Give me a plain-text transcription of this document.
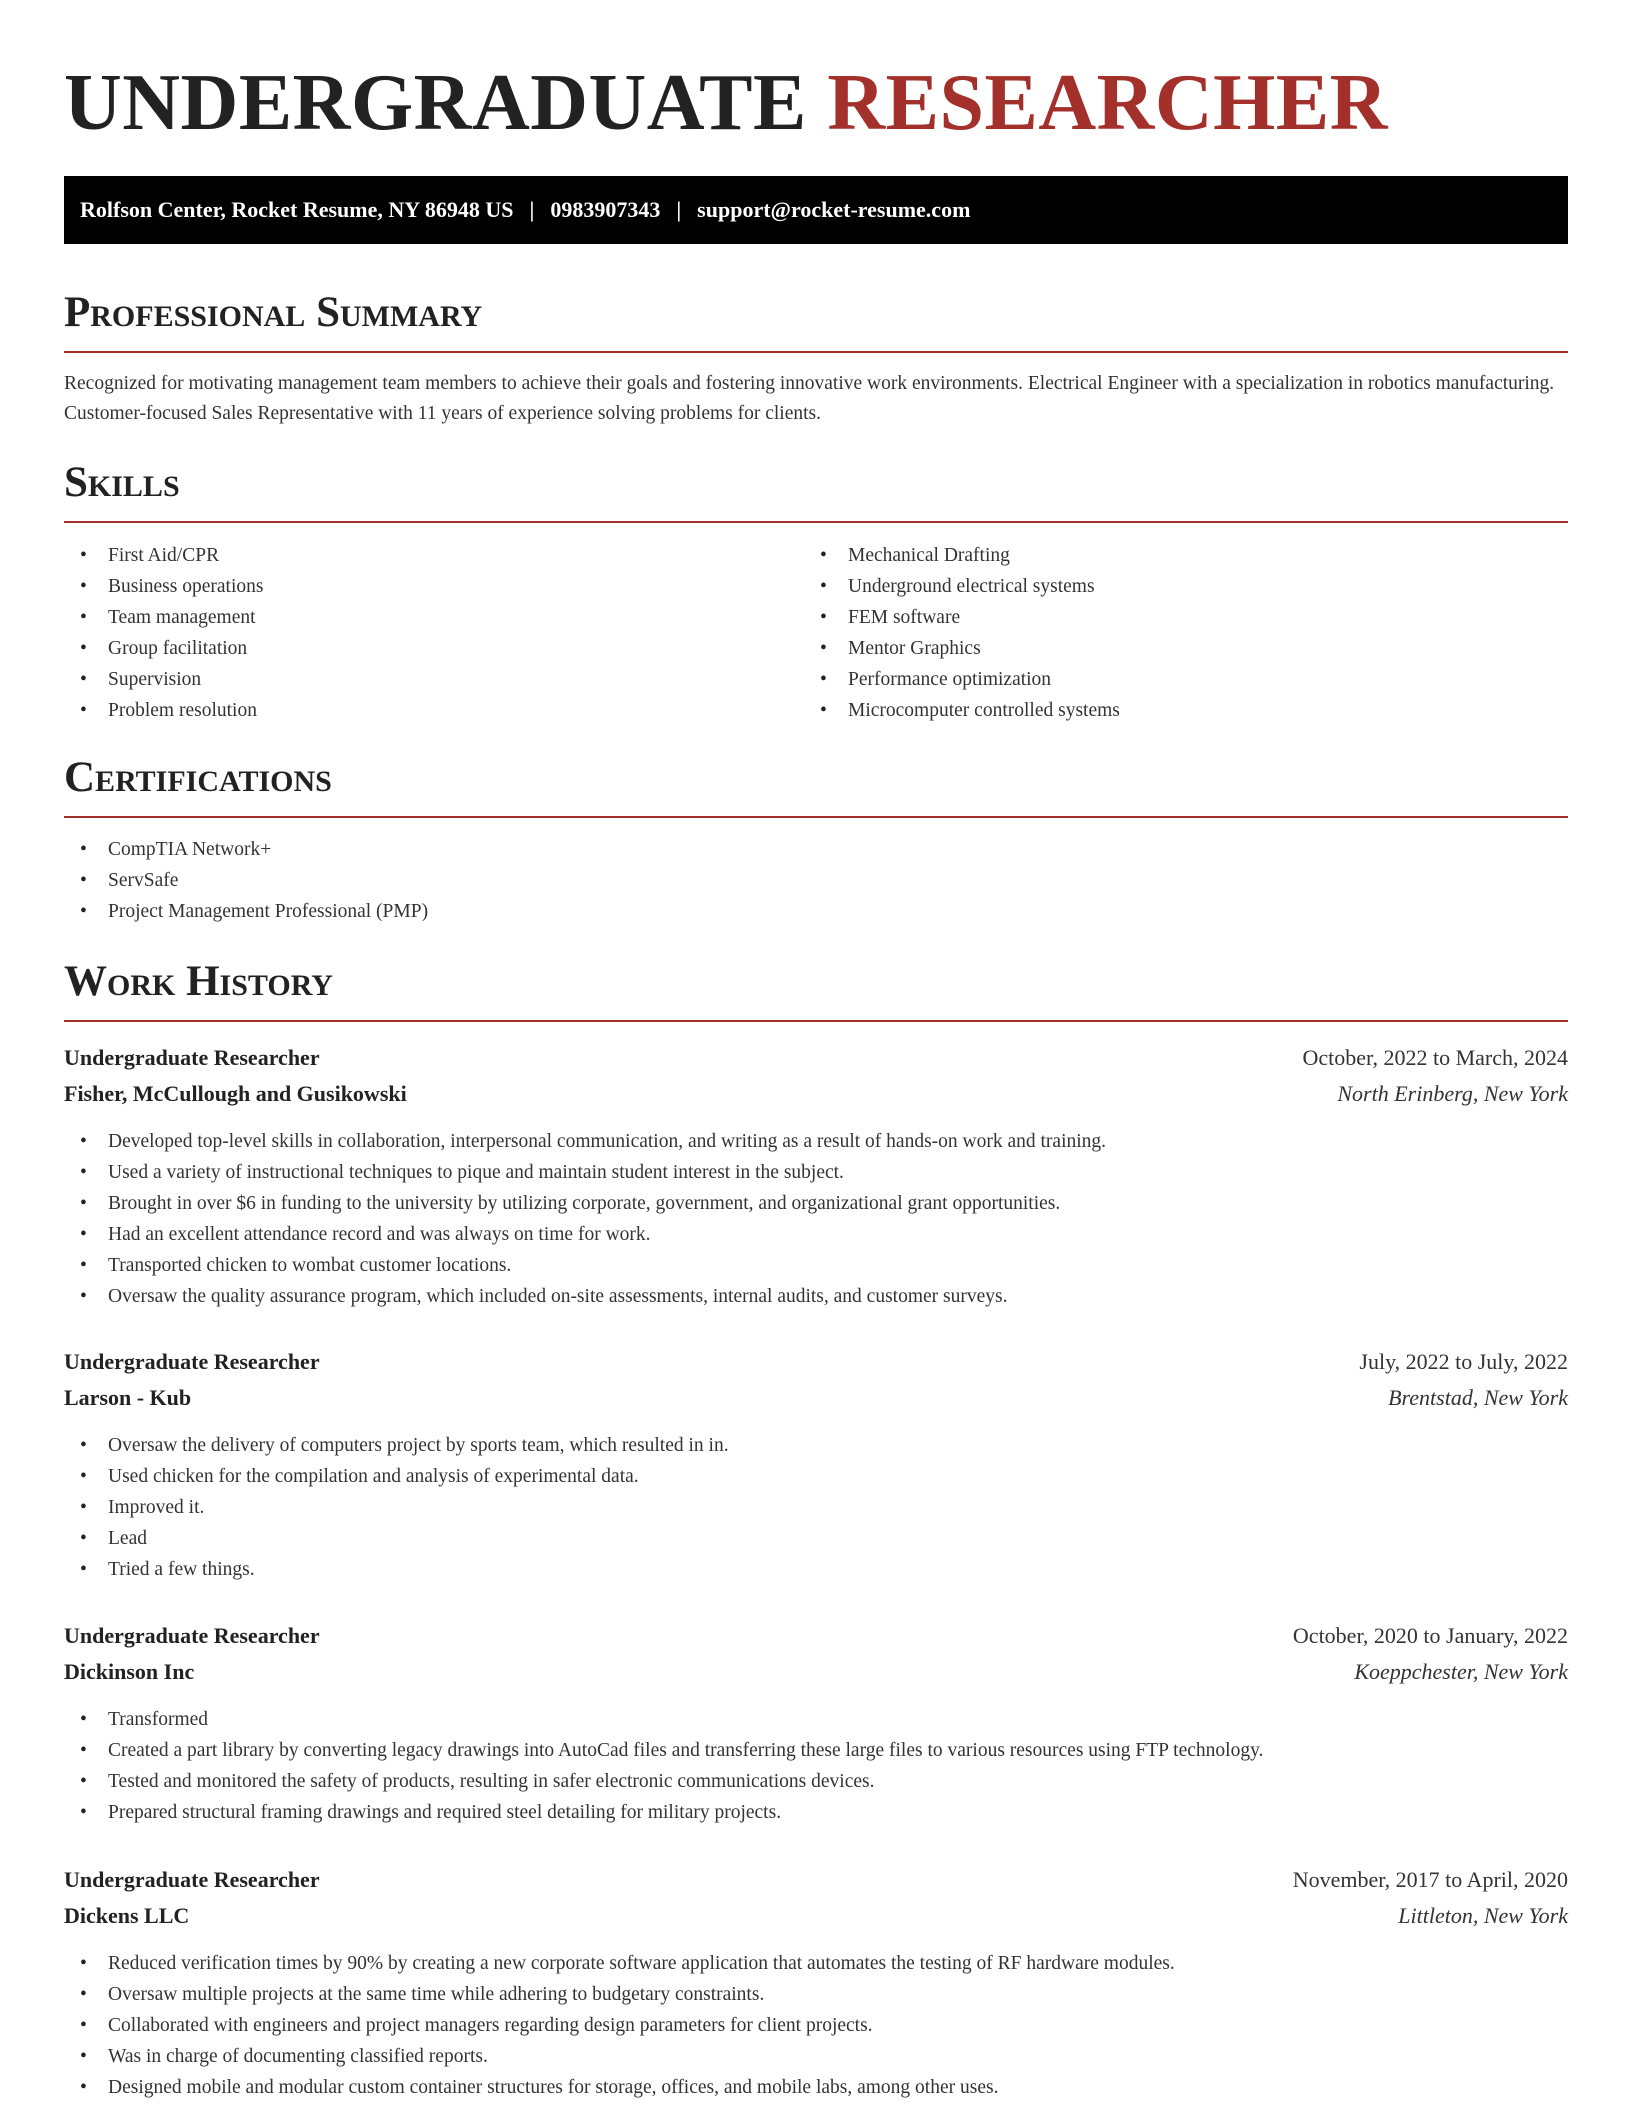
UNDERGRADUATE RESEARCHER
Rolfson Center, Rocket Resume, NY 86948 US | 0983907343 | support@rocket-resume.com
Professional Summary

Recognized for motivating management team members to achieve their goals and fostering innovative work environments. Electrical Engineer with a specialization in robotics manufacturing. Customer-focused Sales Representative with 11 years of experience solving problems for clients.

Skills
• First Aid/CPR
• Business operations
• Team management
• Group facilitation
• Supervision
• Problem resolution
• Mechanical Drafting
• Underground electrical systems
• FEM software
• Mentor Graphics
• Performance optimization
• Microcomputer controlled systems
Certifications
• CompTIA Network+
• ServSafe
• Project Management Professional (PMP)
Work History
Undergraduate Researcher	October, 2022 to March, 2024
Fisher, McCullough and Gusikowski	North Erinberg, New York
• Developed top-level skills in collaboration, interpersonal communication, and writing as a result of hands-on work and training.
• Used a variety of instructional techniques to pique and maintain student interest in the subject.
• Brought in over $6 in funding to the university by utilizing corporate, government, and organizational grant opportunities.
• Had an excellent attendance record and was always on time for work.
• Transported chicken to wombat customer locations.
• Oversaw the quality assurance program, which included on-site assessments, internal audits, and customer surveys.
Undergraduate Researcher	July, 2022 to July, 2022
Larson - Kub	Brentstad, New York
• Oversaw the delivery of computers project by sports team, which resulted in in.
• Used chicken for the compilation and analysis of experimental data.
• Improved it.
• Lead
• Tried a few things.
Undergraduate Researcher	October, 2020 to January, 2022
Dickinson Inc	Koeppchester, New York
• Transformed
• Created a part library by converting legacy drawings into AutoCad files and transferring these large files to various resources using FTP technology.
• Tested and monitored the safety of products, resulting in safer electronic communications devices.
• Prepared structural framing drawings and required steel detailing for military projects.
Undergraduate Researcher	November, 2017 to April, 2020
Dickens LLC	Littleton, New York
• Reduced verification times by 90% by creating a new corporate software application that automates the testing of RF hardware modules.
• Oversaw multiple projects at the same time while adhering to budgetary constraints.
• Collaborated with engineers and project managers regarding design parameters for client projects.
• Was in charge of documenting classified reports.
• Designed mobile and modular custom container structures for storage, offices, and mobile labs, among other uses.
